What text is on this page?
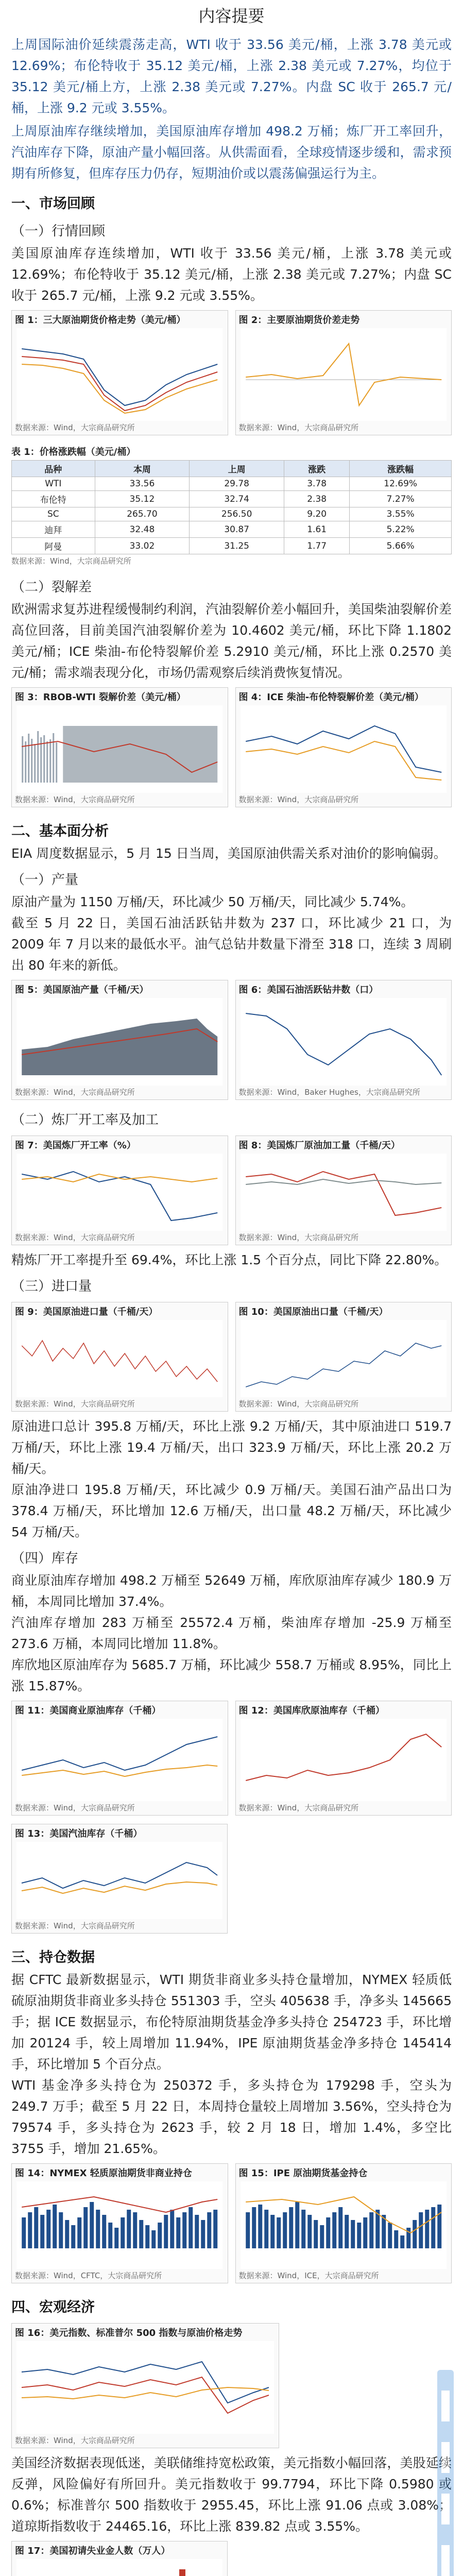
内容提要

上周国际油价延续震荡走高，WTI 收于 33.56 美元/桶，上涨 3.78 美元或 12.69%；布伦特收于 35.12 美元/桶，上涨 2.38 美元或 7.27%，均位于 35.12 美元/桶上方，上涨 2.38 美元或 7.27%。内盘 SC 收于 265.7 元/桶，上涨 9.2 元或 3.55%。

上周原油库存继续增加，美国原油库存增加 498.2 万桶；炼厂开工率回升，汽油库存下降，原油产量小幅回落。从供需面看，全球疫情逐步缓和，需求预期有所修复，但库存压力仍存，短期油价或以震荡偏强运行为主。

一、市场回顾
（一）行情回顾

美国原油库存连续增加，WTI 收于 33.56 美元/桶，上涨 3.78 美元或 12.69%；布伦特收于 35.12 美元/桶，上涨 2.38 美元或 7.27%；内盘 SC 收于 265.7 元/桶，上涨 9.2 元或 3.55%。

图 1：三大原油期货价格走势（美元/桶）
数据来源：Wind，大宗商品研究所
图 2：主要原油期货价差走势
数据来源：Wind，大宗商品研究所
表 1：价格涨跌幅（美元/桶）
品种	本周	上周	涨跌	涨跌幅
WTI	33.56	29.78	3.78	12.69%
布伦特	35.12	32.74	2.38	7.27%
SC	265.70	256.50	9.20	3.55%
迪拜	32.48	30.87	1.61	5.22%
阿曼	33.02	31.25	1.77	5.66%
数据来源：Wind，大宗商品研究所
（二）裂解差

欧洲需求复苏进程缓慢制约利润，汽油裂解价差小幅回升，美国柴油裂解价差高位回落，目前美国汽油裂解价差为 10.4602 美元/桶，环比下降 1.1802 美元/桶；ICE 柴油-布伦特裂解价差 5.2910 美元/桶，环比上涨 0.2570 美元/桶；需求端表现分化，市场仍需观察后续消费恢复情况。

图 3：RBOB-WTI 裂解价差（美元/桶）
数据来源：Wind，大宗商品研究所
图 4：ICE 柴油-布伦特裂解价差（美元/桶）
数据来源：Wind，大宗商品研究所
二、基本面分析

EIA 周度数据显示，5 月 15 日当周，美国原油供需关系对油价的影响偏弱。

（一）产量

原油产量为 1150 万桶/天，环比减少 50 万桶/天，同比减少 5.74%。

截至 5 月 22 日，美国石油活跃钻井数为 237 口，环比减少 21 口，为 2009 年 7 月以来的最低水平。油气总钻井数量下滑至 318 口，连续 3 周刷出 80 年来的新低。

图 5：美国原油产量（千桶/天）
数据来源：Wind，大宗商品研究所
图 6：美国石油活跃钻井数（口）
数据来源：Wind，Baker Hughes，大宗商品研究所
（二）炼厂开工率及加工
图 7：美国炼厂开工率（%）
数据来源：Wind，大宗商品研究所
图 8：美国炼厂原油加工量（千桶/天）
数据来源：Wind，大宗商品研究所

精炼厂开工率提升至 69.4%，环比上涨 1.5 个百分点，同比下降 22.80%。

（三）进口量
图 9：美国原油进口量（千桶/天）
数据来源：Wind，大宗商品研究所
图 10：美国原油出口量（千桶/天）
数据来源：Wind，大宗商品研究所

原油进口总计 395.8 万桶/天，环比上涨 9.2 万桶/天，其中原油进口 519.7 万桶/天，环比上涨 19.4 万桶/天，出口 323.9 万桶/天，环比上涨 20.2 万桶/天。

原油净进口 195.8 万桶/天，环比减少 0.9 万桶/天。美国石油产品出口为 378.4 万桶/天，环比增加 12.6 万桶/天，出口量 48.2 万桶/天，环比减少 54 万桶/天。

（四）库存

商业原油库存增加 498.2 万桶至 52649 万桶，库欣原油库存减少 180.9 万桶，本周同比增加 37.4%。

汽油库存增加 283 万桶至 25572.4 万桶，柴油库存增加 -25.9 万桶至 273.6 万桶，本周同比增加 11.8%。

库欣地区原油库存为 5685.7 万桶，环比减少 558.7 万桶或 8.95%，同比上涨 15.87%。

图 11：美国商业原油库存（千桶）
数据来源：Wind，大宗商品研究所
图 12：美国库欣原油库存（千桶）
数据来源：Wind，大宗商品研究所
图 13：美国汽油库存（千桶）
数据来源：Wind，大宗商品研究所
三、持仓数据

据 CFTC 最新数据显示，WTI 期货非商业多头持仓量增加，NYMEX 轻质低硫原油期货非商业多头持仓 551303 手，空头 405638 手，净多头 145665 手；据 ICE 数据显示，布伦特原油期货基金净多头持仓 254723 手，环比增加 20124 手，较上周增加 11.94%，IPE 原油期货基金净多持仓 145414 手，环比增加 5 个百分点。

WTI 基金净多头持仓为 250372 手，多头持仓为 179298 手，空头为 249.7 万手；截至 5 月 22 日，本周持仓量较上周增加 3.56%，空头持仓为 79574 手，多头持仓为 2623 手，较 2 月 18 日，增加 1.4%，多空比 3755 手，增加 21.65%。

图 14：NYMEX 轻质原油期货非商业持仓
数据来源：Wind，CFTC，大宗商品研究所
图 15：IPE 原油期货基金持仓
数据来源：Wind，ICE，大宗商品研究所
四、宏观经济
图 16：美元指数、标准普尔 500 指数与原油价格走势
数据来源：Wind，大宗商品研究所

美国经济数据表现低迷，美联储维持宽松政策，美元指数小幅回落，美股延续反弹，风险偏好有所回升。美元指数收于 99.7794，环比下降 0.5980 或 0.6%；标准普尔 500 指数收于 2955.45，环比上涨 91.06 点或 3.08%；道琼斯指数收于 24465.16，环比上涨 839.82 点或 3.55%。

图 17：美国初请失业金人数（万人）
